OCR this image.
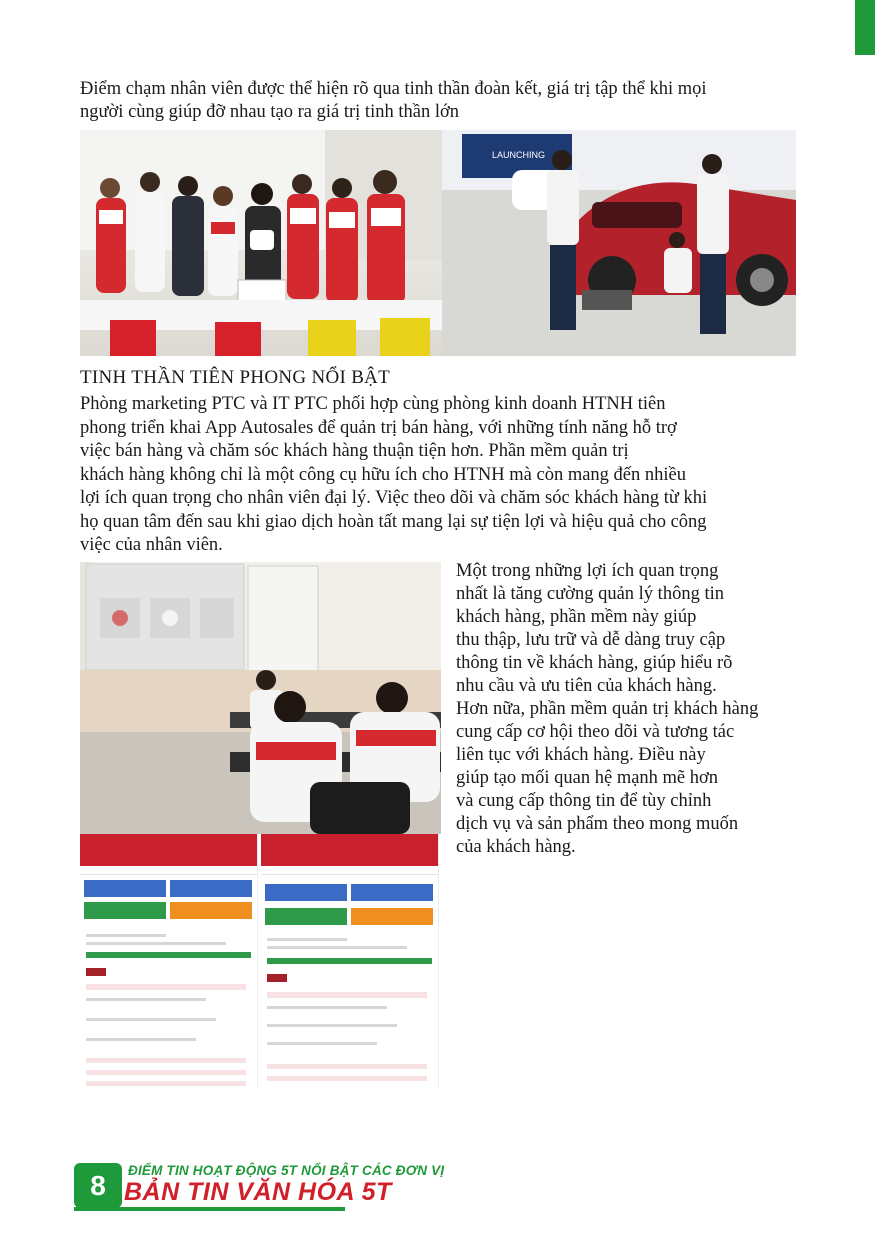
Điểm chạm nhân viên được thể hiện rõ qua tinh thần đoàn kết, giá trị tập thể khi mọi
người cùng giúp đỡ nhau tạo ra giá trị tinh thần lớn
LAUNCHING
TINH THẦN TIÊN PHONG NỔI BẬT
Phòng marketing PTC và IT PTC phối hợp cùng phòng kinh doanh HTNH tiên
phong triển khai App Autosales để quản trị bán hàng, với những tính năng hỗ trợ
việc bán hàng và chăm sóc khách hàng thuận tiện hơn. Phần mềm quản trị
khách hàng không chỉ là một công cụ hữu ích cho HTNH mà còn mang đến nhiều
lợi ích quan trọng cho nhân viên đại lý. Việc theo dõi và chăm sóc khách hàng từ khi
họ quan tâm đến sau khi giao dịch hoàn tất mang lại sự tiện lợi và hiệu quả cho công
việc của nhân viên.
Một trong những lợi ích quan trọng
nhất là tăng cường quản lý thông tin
khách hàng, phần mềm này giúp
thu thập, lưu trữ và dễ dàng truy cập
thông tin về khách hàng, giúp hiểu rõ
nhu cầu và ưu tiên của khách hàng.
Hơn nữa, phần mềm quản trị khách hàng
cung cấp cơ hội theo dõi và tương tác
liên tục với khách hàng. Điều này
giúp tạo mối quan hệ mạnh mẽ hơn
và cung cấp thông tin để tùy chỉnh
dịch vụ và sản phẩm theo mong muốn
của khách hàng.
8	ĐIỂM TIN HOẠT ĐỘNG 5T NỔI BẬT CÁC ĐƠN VỊ
BẢN TIN VĂN HÓA 5T
